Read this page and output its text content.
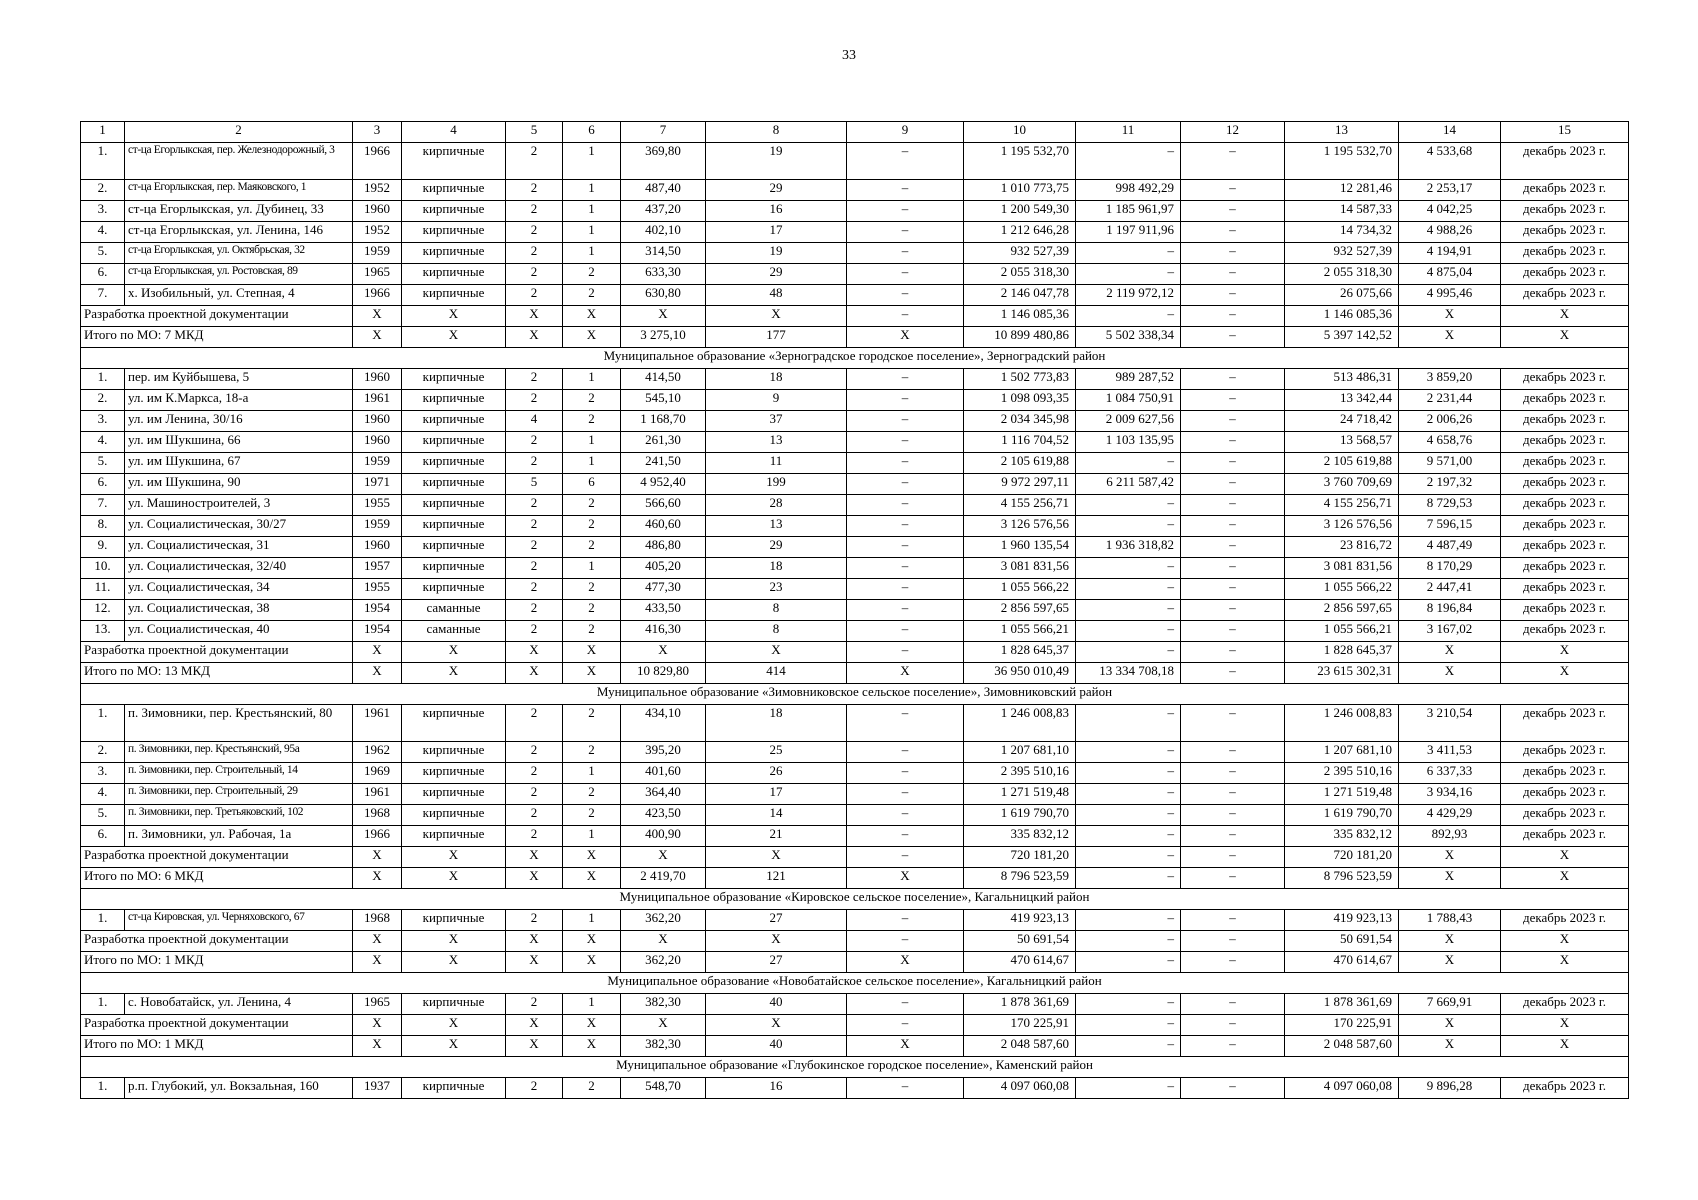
33
1	2	3	4	5	6	7	8	9	10	11	12	13	14	15
1.	ст-ца Егорлыкская, пер. Железнодорожный, 3	1966	кирпичные	2	1	369,80	19	–	1 195 532,70	–	–	1 195 532,70	4 533,68	декабрь 2023 г.
2.	ст-ца Егорлыкская, пер. Маяковского, 1	1952	кирпичные	2	1	487,40	29	–	1 010 773,75	998 492,29	–	12 281,46	2 253,17	декабрь 2023 г.
3.	ст-ца Егорлыкская, ул. Дубинец, 33	1960	кирпичные	2	1	437,20	16	–	1 200 549,30	1 185 961,97	–	14 587,33	4 042,25	декабрь 2023 г.
4.	ст-ца Егорлыкская, ул. Ленина, 146	1952	кирпичные	2	1	402,10	17	–	1 212 646,28	1 197 911,96	–	14 734,32	4 988,26	декабрь 2023 г.
5.	ст-ца Егорлыкская, ул. Октябрьская, 32	1959	кирпичные	2	1	314,50	19	–	932 527,39	–	–	932 527,39	4 194,91	декабрь 2023 г.
6.	ст-ца Егорлыкская, ул. Ростовская, 89	1965	кирпичные	2	2	633,30	29	–	2 055 318,30	–	–	2 055 318,30	4 875,04	декабрь 2023 г.
7.	х. Изобильный, ул. Степная, 4	1966	кирпичные	2	2	630,80	48	–	2 146 047,78	2 119 972,12	–	26 075,66	4 995,46	декабрь 2023 г.
Разработка проектной документации		X	X	X	X	X	X	–	1 146 085,36	–	–	1 146 085,36	X	X
Итого по МО: 7 МКД		X	X	X	X	3 275,10	177	X	10 899 480,86	5 502 338,34	–	5 397 142,52	X	X
Муниципальное образование «Зерноградское городское поселение», Зерноградский район														
1.	пер. им Куйбышева, 5	1960	кирпичные	2	1	414,50	18	–	1 502 773,83	989 287,52	–	513 486,31	3 859,20	декабрь 2023 г.
2.	ул. им К.Маркса, 18-а	1961	кирпичные	2	2	545,10	9	–	1 098 093,35	1 084 750,91	–	13 342,44	2 231,44	декабрь 2023 г.
3.	ул. им Ленина, 30/16	1960	кирпичные	4	2	1 168,70	37	–	2 034 345,98	2 009 627,56	–	24 718,42	2 006,26	декабрь 2023 г.
4.	ул. им Шукшина, 66	1960	кирпичные	2	1	261,30	13	–	1 116 704,52	1 103 135,95	–	13 568,57	4 658,76	декабрь 2023 г.
5.	ул. им Шукшина, 67	1959	кирпичные	2	1	241,50	11	–	2 105 619,88	–	–	2 105 619,88	9 571,00	декабрь 2023 г.
6.	ул. им Шукшина, 90	1971	кирпичные	5	6	4 952,40	199	–	9 972 297,11	6 211 587,42	–	3 760 709,69	2 197,32	декабрь 2023 г.
7.	ул. Машиностроителей, 3	1955	кирпичные	2	2	566,60	28	–	4 155 256,71	–	–	4 155 256,71	8 729,53	декабрь 2023 г.
8.	ул. Социалистическая, 30/27	1959	кирпичные	2	2	460,60	13	–	3 126 576,56	–	–	3 126 576,56	7 596,15	декабрь 2023 г.
9.	ул. Социалистическая, 31	1960	кирпичные	2	2	486,80	29	–	1 960 135,54	1 936 318,82	–	23 816,72	4 487,49	декабрь 2023 г.
10.	ул. Социалистическая, 32/40	1957	кирпичные	2	1	405,20	18	–	3 081 831,56	–	–	3 081 831,56	8 170,29	декабрь 2023 г.
11.	ул. Социалистическая, 34	1955	кирпичные	2	2	477,30	23	–	1 055 566,22	–	–	1 055 566,22	2 447,41	декабрь 2023 г.
12.	ул. Социалистическая, 38	1954	саманные	2	2	433,50	8	–	2 856 597,65	–	–	2 856 597,65	8 196,84	декабрь 2023 г.
13.	ул. Социалистическая, 40	1954	саманные	2	2	416,30	8	–	1 055 566,21	–	–	1 055 566,21	3 167,02	декабрь 2023 г.
Разработка проектной документации		X	X	X	X	X	X	–	1 828 645,37	–	–	1 828 645,37	X	X
Итого по МО: 13 МКД		X	X	X	X	10 829,80	414	X	36 950 010,49	13 334 708,18	–	23 615 302,31	X	X
Муниципальное образование «Зимовниковское сельское поселение», Зимовниковский район														
1.	п. Зимовники, пер. Крестьянский, 80	1961	кирпичные	2	2	434,10	18	–	1 246 008,83	–	–	1 246 008,83	3 210,54	декабрь 2023 г.
2.	п. Зимовники, пер. Крестьянский, 95а	1962	кирпичные	2	2	395,20	25	–	1 207 681,10	–	–	1 207 681,10	3 411,53	декабрь 2023 г.
3.	п. Зимовники, пер. Строительный, 14	1969	кирпичные	2	1	401,60	26	–	2 395 510,16	–	–	2 395 510,16	6 337,33	декабрь 2023 г.
4.	п. Зимовники, пер. Строительный, 29	1961	кирпичные	2	2	364,40	17	–	1 271 519,48	–	–	1 271 519,48	3 934,16	декабрь 2023 г.
5.	п. Зимовники, пер. Третьяковский, 102	1968	кирпичные	2	2	423,50	14	–	1 619 790,70	–	–	1 619 790,70	4 429,29	декабрь 2023 г.
6.	п. Зимовники, ул. Рабочая, 1а	1966	кирпичные	2	1	400,90	21	–	335 832,12	–	–	335 832,12	892,93	декабрь 2023 г.
Разработка проектной документации		X	X	X	X	X	X	–	720 181,20	–	–	720 181,20	X	X
Итого по МО: 6 МКД		X	X	X	X	2 419,70	121	X	8 796 523,59	–	–	8 796 523,59	X	X
Муниципальное образование «Кировское сельское поселение», Кагальницкий район														
1.	ст-ца Кировская, ул. Черняховского, 67	1968	кирпичные	2	1	362,20	27	–	419 923,13	–	–	419 923,13	1 788,43	декабрь 2023 г.
Разработка проектной документации		X	X	X	X	X	X	–	50 691,54	–	–	50 691,54	X	X
Итого по МО: 1 МКД		X	X	X	X	362,20	27	X	470 614,67	–	–	470 614,67	X	X
Муниципальное образование «Новобатайское сельское поселение», Кагальницкий район														
1.	с. Новобатайск, ул. Ленина, 4	1965	кирпичные	2	1	382,30	40	–	1 878 361,69	–	–	1 878 361,69	7 669,91	декабрь 2023 г.
Разработка проектной документации		X	X	X	X	X	X	–	170 225,91	–	–	170 225,91	X	X
Итого по МО: 1 МКД		X	X	X	X	382,30	40	X	2 048 587,60	–	–	2 048 587,60	X	X
Муниципальное образование «Глубокинское городское поселение», Каменский район														
1.	р.п. Глубокий, ул. Вокзальная, 160	1937	кирпичные	2	2	548,70	16	–	4 097 060,08	–	–	4 097 060,08	9 896,28	декабрь 2023 г.
